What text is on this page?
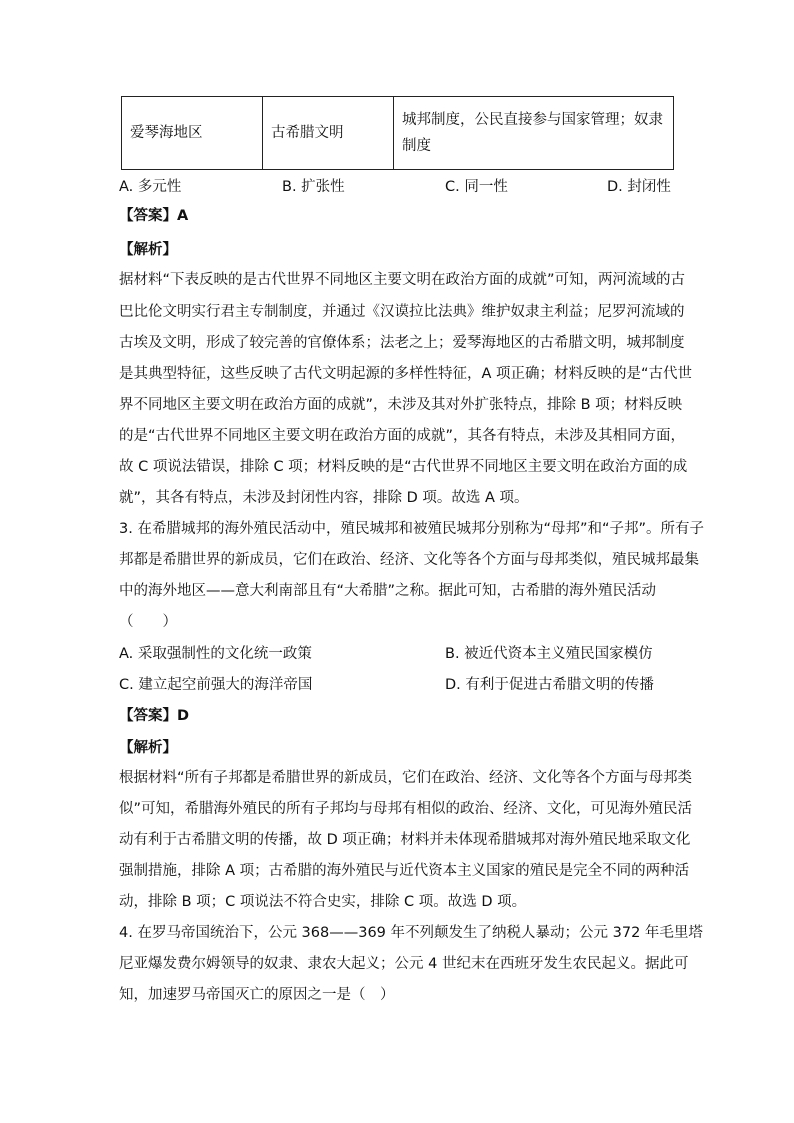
爱琴海地区	古希腊文明	城邦制度，公民直接参与国家管理；奴隶制度
A. 多元性	B. 扩张性	C. 同一性	D. 封闭性
【答案】A
【解析】
据材料“下表反映的是古代世界不同地区主要文明在政治方面的成就”可知，两河流域的古
巴比伦文明实行君主专制制度，并通过《汉谟拉比法典》维护奴隶主利益；尼罗河流域的
古埃及文明，形成了较完善的官僚体系；法老之上；爱琴海地区的古希腊文明，城邦制度
是其典型特征，这些反映了古代文明起源的多样性特征，A 项正确；材料反映的是“古代世
界不同地区主要文明在政治方面的成就”，未涉及其对外扩张特点，排除 B 项；材料反映
的是“古代世界不同地区主要文明在政治方面的成就”，其各有特点，未涉及其相同方面，
故 C 项说法错误，排除 C 项；材料反映的是“古代世界不同地区主要文明在政治方面的成
就”，其各有特点，未涉及封闭性内容，排除 D 项。故选 A 项。
3. 在希腊城邦的海外殖民活动中，殖民城邦和被殖民城邦分别称为“母邦”和“子邦”。所有子
邦都是希腊世界的新成员，它们在政治、经济、文化等各个方面与母邦类似，殖民城邦最集
中的海外地区——意大利南部且有“大希腊”之称。据此可知，古希腊的海外殖民活动
（　　）
A. 采取强制性的文化统一政策	B. 被近代资本主义殖民国家模仿
C. 建立起空前强大的海洋帝国	D. 有利于促进古希腊文明的传播
【答案】D
【解析】
根据材料“所有子邦都是希腊世界的新成员，它们在政治、经济、文化等各个方面与母邦类
似”可知，希腊海外殖民的所有子邦均与母邦有相似的政治、经济、文化，可见海外殖民活
动有利于古希腊文明的传播，故 D 项正确；材料并未体现希腊城邦对海外殖民地采取文化
强制措施，排除 A 项；古希腊的海外殖民与近代资本主义国家的殖民是完全不同的两种活
动，排除 B 项；C 项说法不符合史实，排除 C 项。故选 D 项。
4. 在罗马帝国统治下，公元 368——369 年不列颠发生了纳税人暴动；公元 372 年毛里塔
尼亚爆发费尔姆领导的奴隶、隶农大起义；公元 4 世纪末在西班牙发生农民起义。据此可
知，加速罗马帝国灭亡的原因之一是（　）
